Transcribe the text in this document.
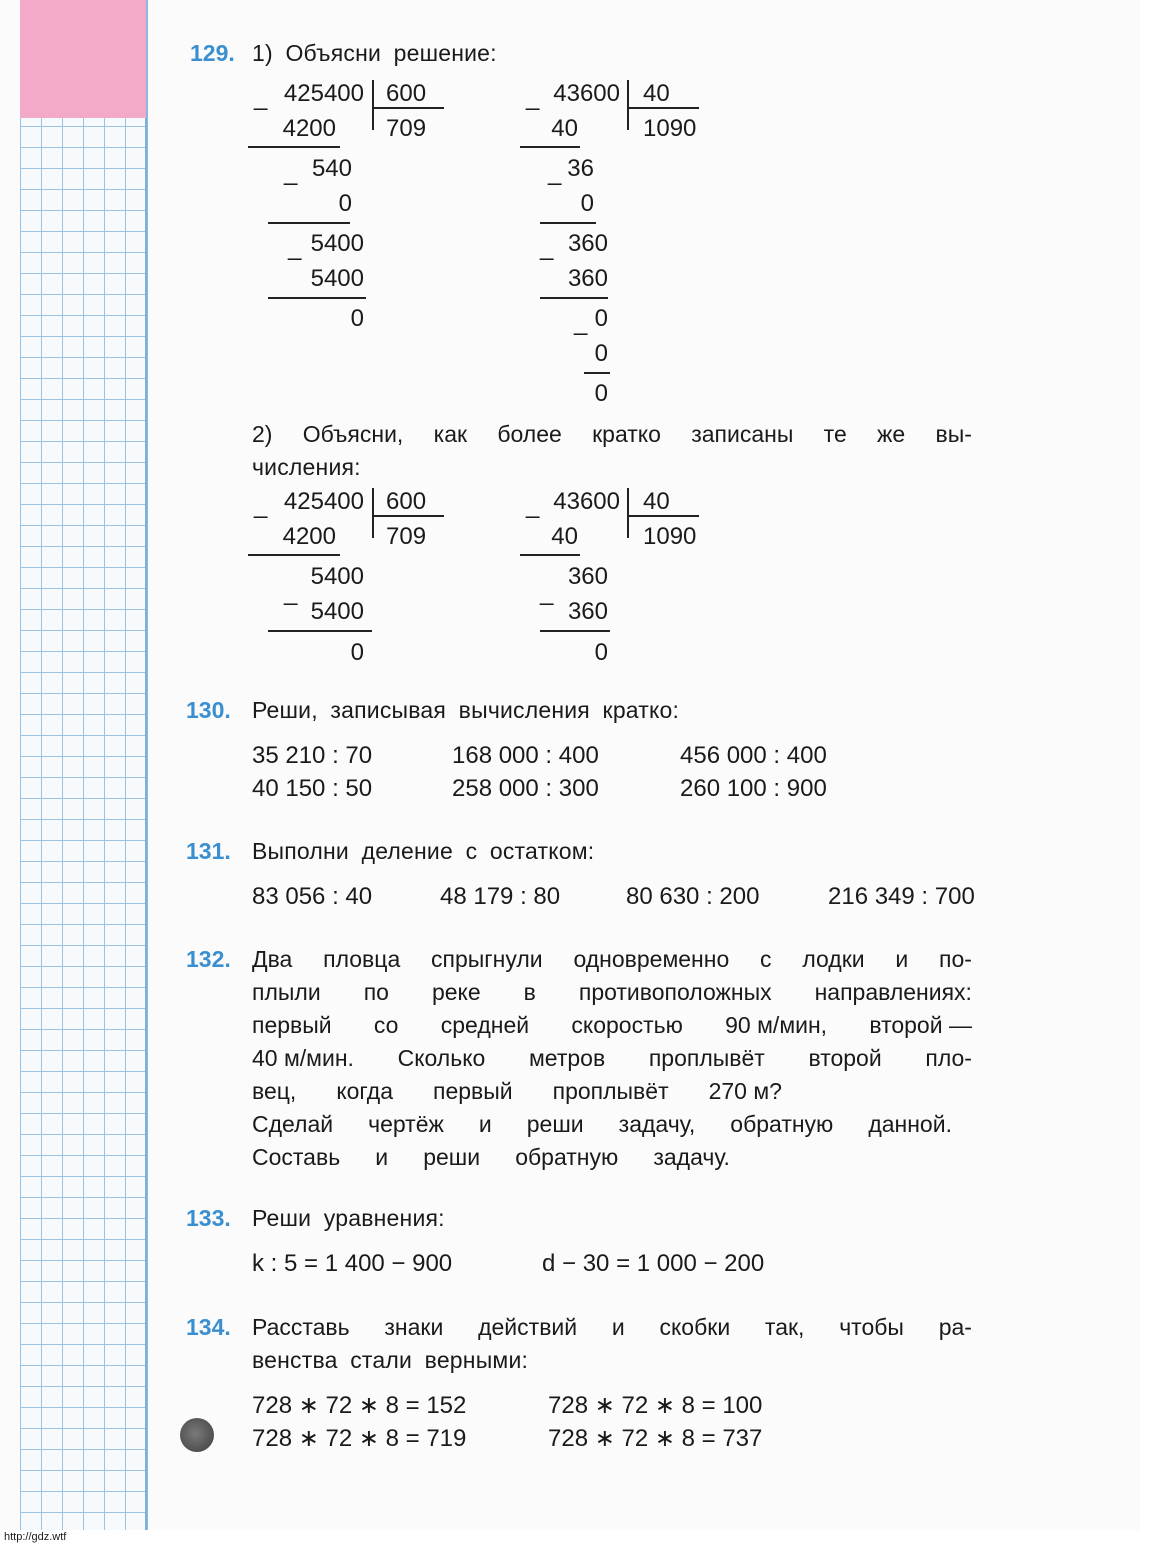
129. 1) Объясни решение:
_ 425400 600
709
4200
_ 540
0
_ 5400
5400
0
_ 43600 40
1090
40
_ 36
0
_ 360
360
_ 0
0
0
2) Объясни, как более кратко записаны те же вы-
числения:
_ 425400 600
709
4200
_
5400
5400
0
_ 43600 40
1090
40
_
360
360
0
130. Реши, записывая вычисления кратко:
35 210 : 70	168 000 : 400	456 000 : 400
40 150 : 50	258 000 : 300	260 100 : 900
131. Выполни деление с остатком:
83 056 : 40	48 179 : 80	80 630 : 200	216 349 : 700
132. Два пловца спрыгнули одновременно с лодки и по-
плыли по реке в противоположных направлениях:
первый со средней скоростью 90 м/мин, второй —
40 м/мин. Сколько метров проплывёт второй пло-
вец, когда первый проплывёт 270 м?
Сделай чертёж и реши задачу, обратную данной.
Составь и реши обратную задачу.
133. Реши уравнения:
k : 5 = 1 400 − 900	d − 30 = 1 000 − 200
134. Расставь знаки действий и скобки так, чтобы ра-
венства стали верными:
728 ∗ 72 ∗ 8 = 152	728 ∗ 72 ∗ 8 = 100
728 ∗ 72 ∗ 8 = 719	728 ∗ 72 ∗ 8 = 737
http://gdz.wtf
